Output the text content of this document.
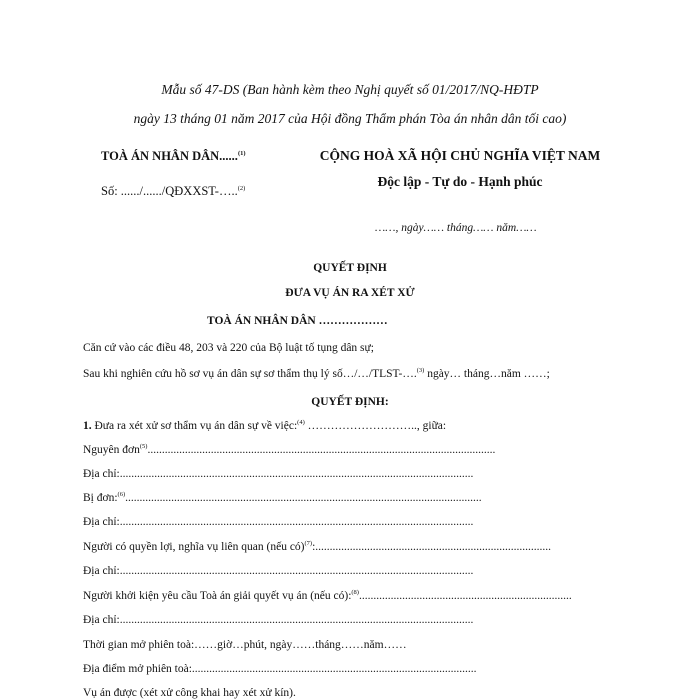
Mẫu số 47-DS (Ban hành kèm theo Nghị quyết số 01/2017/NQ-HĐTP
ngày 13 tháng 01 năm 2017 của Hội đồng Thẩm phán Tòa án nhân dân tối cao)
TOÀ ÁN NHÂN DÂN......$^{(1)}$
Số: ....../....../QĐXXST-…..$^{(2)}$
CỘNG HOÀ XÃ HỘI CHỦ NGHĨA VIỆT NAM
Độc lập - Tự do - Hạnh phúc
……, ngày…… tháng…… năm……
QUYẾT ĐỊNH
ĐƯA VỤ ÁN RA XÉT XỬ
TOÀ ÁN NHÂN DÂN ………………
Căn cứ vào các điều 48, 203 và 220 của Bộ luật tố tụng dân sự;
Sau khi nghiên cứu hồ sơ vụ án dân sự sơ thẩm thụ lý số…/…/TLST-….$^{(3)}$ ngày… tháng…năm ……;
QUYẾT ĐỊNH:
1. Đưa ra xét xử sơ thẩm vụ án dân sự về việc:$^{(4)}$ ……………………….., giữa:
Nguyên đơn$^{(5)}$.........................................................................................................................
Địa chỉ:...........................................................................................................................
Bị đơn:$^{(6)}$............................................................................................................................
Địa chỉ:...........................................................................................................................
Người có quyền lợi, nghĩa vụ liên quan (nếu có)$^{(7)}$:..................................................................................
Địa chỉ:...........................................................................................................................
Người khởi kiện yêu cầu Toà án giải quyết vụ án (nếu có):$^{(8)}$..........................................................................
Địa chỉ:...........................................................................................................................
Thời gian mở phiên toà:……giờ…phút, ngày……tháng……năm……
Địa điểm mở phiên toà:...................................................................................................
Vụ án được (xét xử công khai hay xét xử kín).
